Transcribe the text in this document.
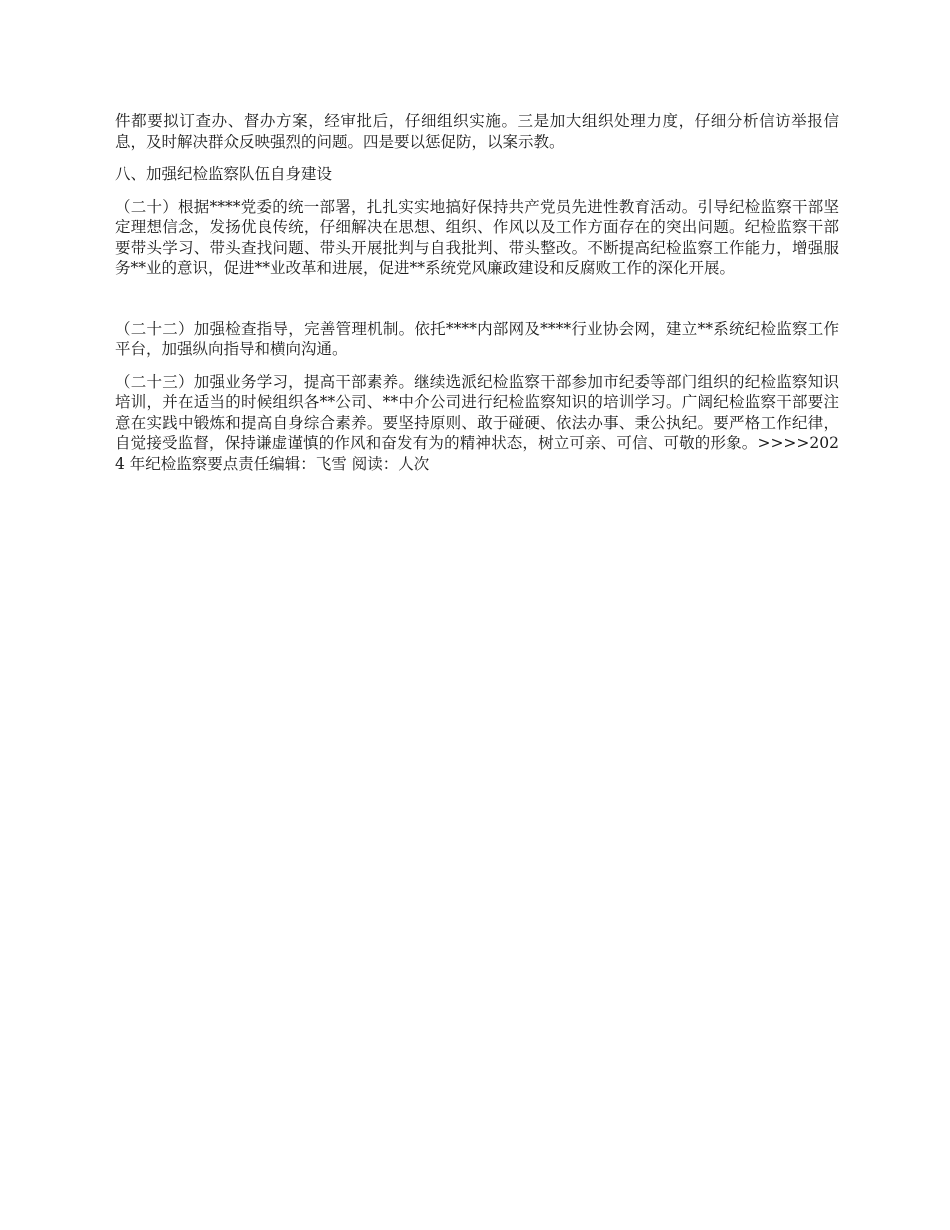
件都要拟订查办、督办方案，经审批后，仔细组织实施。三是加大组织处理力度，仔细分析信访举报信息，及时解决群众反映强烈的问题。四是要以惩促防，以案示教。

八、加强纪检监察队伍自身建设

（二十）根据****党委的统一部署，扎扎实实地搞好保持共产党员先进性教育活动。引导纪检监察干部坚定理想信念，发扬优良传统，仔细解决在思想、组织、作风以及工作方面存在的突出问题。纪检监察干部要带头学习、带头查找问题、带头开展批判与自我批判、带头整改。不断提高纪检监察工作能力，增强服务**业的意识，促进**业改革和进展，促进**系统党风廉政建设和反腐败工作的深化开展。

（二十二）加强检查指导，完善管理机制。依托****内部网及****行业协会网，建立**系统纪检监察工作平台，加强纵向指导和横向沟通。

（二十三）加强业务学习，提高干部素养。继续选派纪检监察干部参加市纪委等部门组织的纪检监察知识培训，并在适当的时候组织各**公司、**中介公司进行纪检监察知识的培训学习。广阔纪检监察干部要注意在实践中锻炼和提高自身综合素养。要坚持原则、敢于碰硬、依法办事、秉公执纪。要严格工作纪律，自觉接受监督，保持谦虚谨慎的作风和奋发有为的精神状态，树立可亲、可信、可敬的形象。>>>>2024 年纪检监察要点责任编辑：飞雪 阅读：人次
